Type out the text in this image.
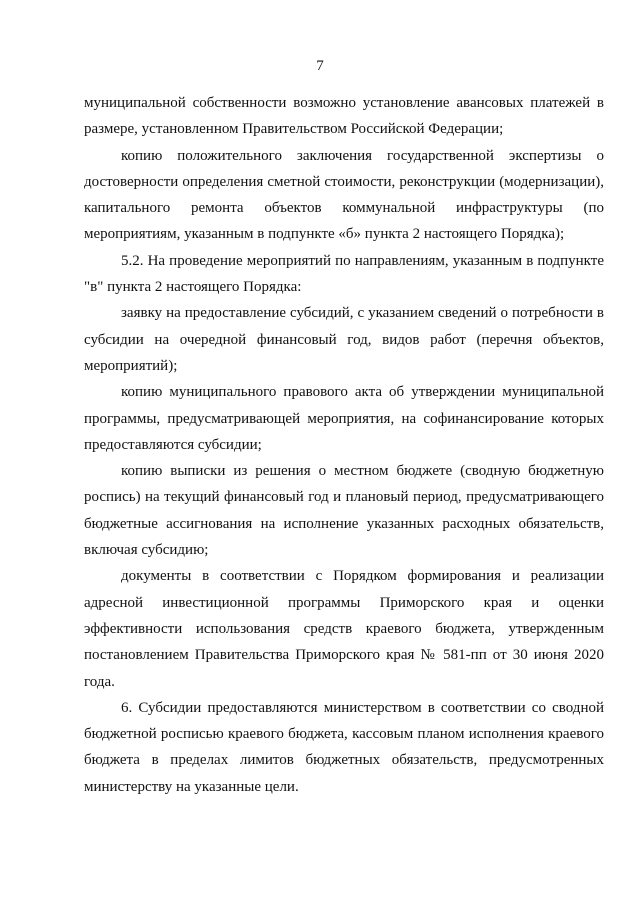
7

муниципальной собственности возможно установление авансовых платежей в размере, установленном Правительством Российской Федерации;

копию положительного заключения государственной экспертизы о достоверности определения сметной стоимости, реконструкции (модернизации), капитального ремонта объектов коммунальной инфраструктуры (по мероприятиям, указанным в подпункте «б» пункта 2 настоящего Порядка);

5.2. На проведение мероприятий по направлениям, указанным в подпункте "в" пункта 2 настоящего Порядка:

заявку на предоставление субсидий, с указанием сведений о потребности в субсидии на очередной финансовый год, видов работ (перечня объектов, мероприятий);

копию муниципального правового акта об утверждении муниципальной программы, предусматривающей мероприятия, на софинансирование которых предоставляются субсидии;

копию выписки из решения о местном бюджете (сводную бюджетную роспись) на текущий финансовый год и плановый период, предусматривающего бюджетные ассигнования на исполнение указанных расходных обязательств, включая субсидию;

документы в соответствии с Порядком формирования и реализации адресной инвестиционной программы Приморского края и оценки эффективности использования средств краевого бюджета, утвержденным постановлением Правительства Приморского края № 581-пп от 30 июня 2020 года.

6. Субсидии предоставляются министерством в соответствии со сводной бюджетной росписью краевого бюджета, кассовым планом исполнения краевого бюджета в пределах лимитов бюджетных обязательств, предусмотренных министерству на указанные цели.
